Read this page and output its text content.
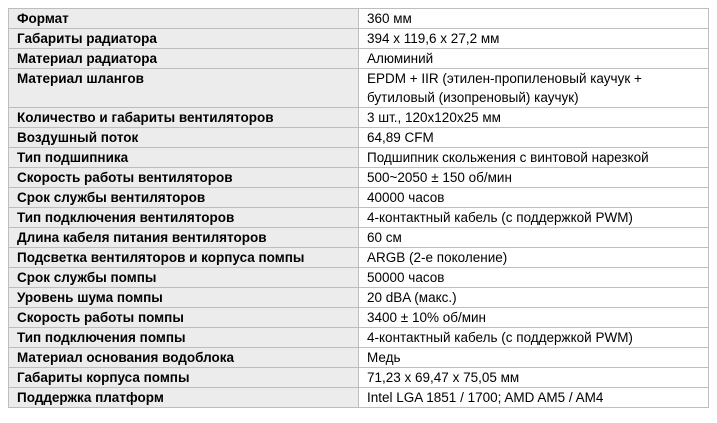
Формат	360 мм
Габариты радиатора	394 x 119,6 x 27,2 мм
Материал радиатора	Алюминий
Материал шлангов	EPDM + IIR (этилен-пропиленовый каучук + бутиловый (изопреновый) каучук)
Количество и габариты вентиляторов	3 шт., 120x120x25 мм
Воздушный поток	64,89 CFM
Тип подшипника	Подшипник скольжения с винтовой нарезкой
Скорость работы вентиляторов	500~2050 ± 150 об/мин
Срок службы вентиляторов	40000 часов
Тип подключения вентиляторов	4-контактный кабель (с поддержкой PWM)
Длина кабеля питания вентиляторов	60 см
Подсветка вентиляторов и корпуса помпы	ARGB (2-е поколение)
Срок службы помпы	50000 часов
Уровень шума помпы	20 dBA (макс.)
Скорость работы помпы	3400 ± 10% об/мин
Тип подключения помпы	4-контактный кабель (с поддержкой PWM)
Материал основания водоблока	Медь
Габариты корпуса помпы	71,23 x 69,47 x 75,05 мм
Поддержка платформ	Intel LGA 1851 / 1700; AMD AM5 / AM4
